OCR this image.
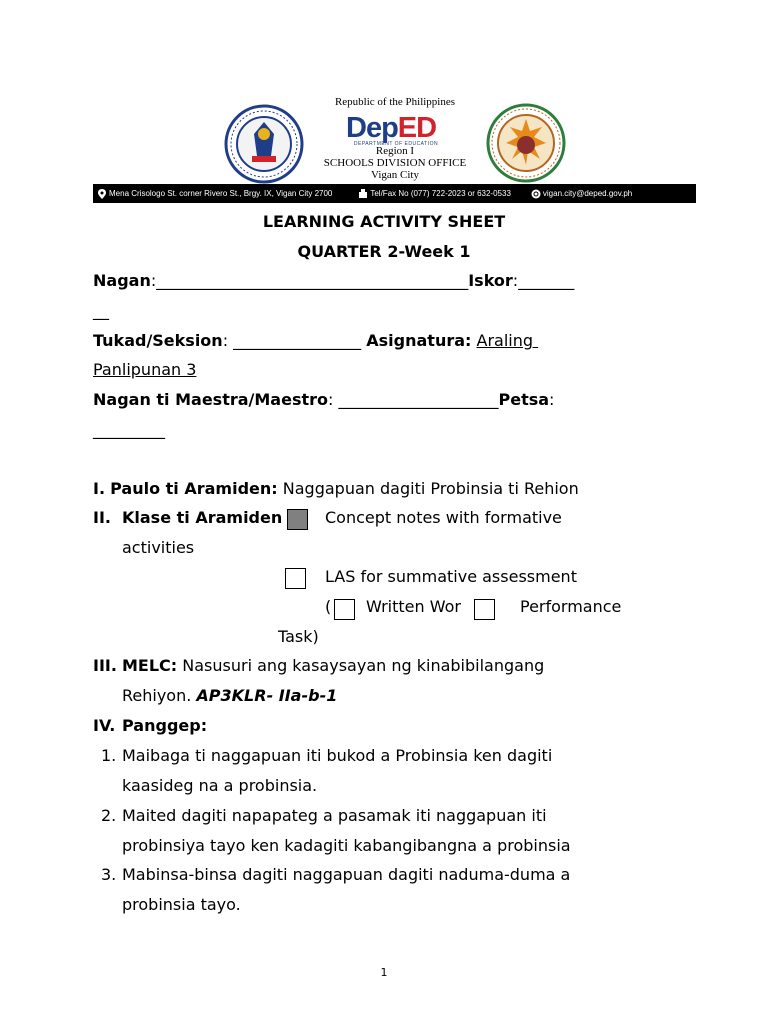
Republic of the Philippines
DepED
DEPARTMENT OF EDUCATION
Region I
SCHOOLS DIVISION OFFICE
Vigan City
Mena Crisologo St. corner Rivero St., Brgy. IX, Vigan City 2700	Tel/Fax No (077) 722-2023 or 632-0533	vigan.city@deped.gov.ph
LEARNING ACTIVITY SHEET
QUARTER 2-Week 1
Nagan:_______________________________________Iskor:_______
__
Tukad/Seksion: ________________ Asignatura: Araling
Panlipunan 3
Nagan ti Maestra/Maestro: ____________________Petsa:
_________
I. Paulo ti Aramiden: Naggapuan dagiti Probinsia ti Rehion
II. Klase ti Aramiden	Concept notes with formative
activities
LAS for summative assessment
( Written Wor	Performance
Task)
III. MELC: Nasusuri ang kasaysayan ng kinabibilangang
Rehiyon. AP3KLR- IIa-b-1
IV. Panggep:
1. Maibaga ti naggapuan iti bukod a Probinsia ken dagiti
kaasideg na a probinsia.
2. Maited dagiti napapateg a pasamak iti naggapuan iti
probinsiya tayo ken kadagiti kabangibangna a probinsia
3. Mabinsa-binsa dagiti naggapuan dagiti naduma-duma a
probinsia tayo.
1
